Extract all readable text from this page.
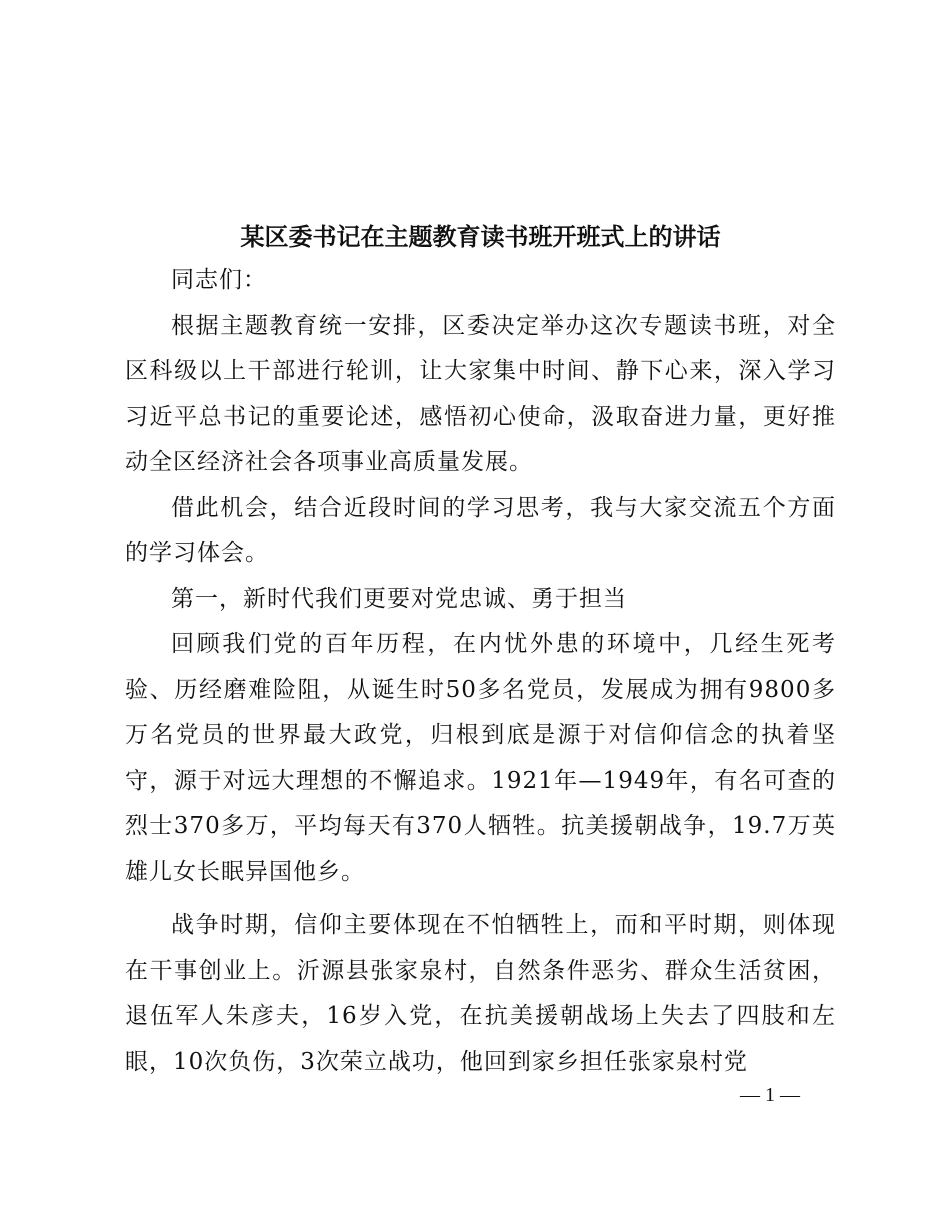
某区委书记在主题教育读书班开班式上的讲话

同志们：

根据主题教育统一安排，区委决定举办这次专题读书班，对全区科级以上干部进行轮训，让大家集中时间、静下心来，深入学习习近平总书记的重要论述，感悟初心使命，汲取奋进力量，更好推动全区经济社会各项事业高质量发展。

借此机会，结合近段时间的学习思考，我与大家交流五个方面的学习体会。

第一，新时代我们更要对党忠诚、勇于担当

回顾我们党的百年历程，在内忧外患的环境中，几经生死考验、历经磨难险阻，从诞生时50多名党员，发展成为拥有9800多万名党员的世界最大政党，归根到底是源于对信仰信念的执着坚守，源于对远大理想的不懈追求。1921年—1949年，有名可查的烈士370多万，平均每天有370人牺牲。抗美援朝战争，19.7万英雄儿女长眠异国他乡。

战争时期，信仰主要体现在不怕牺牲上，而和平时期，则体现在干事创业上。沂源县张家泉村，自然条件恶劣、群众生活贫困，退伍军人朱彦夫，16岁入党，在抗美援朝战场上失去了四肢和左眼，10次负伤，3次荣立战功，他回到家乡担任张家泉村党

— 1 —
